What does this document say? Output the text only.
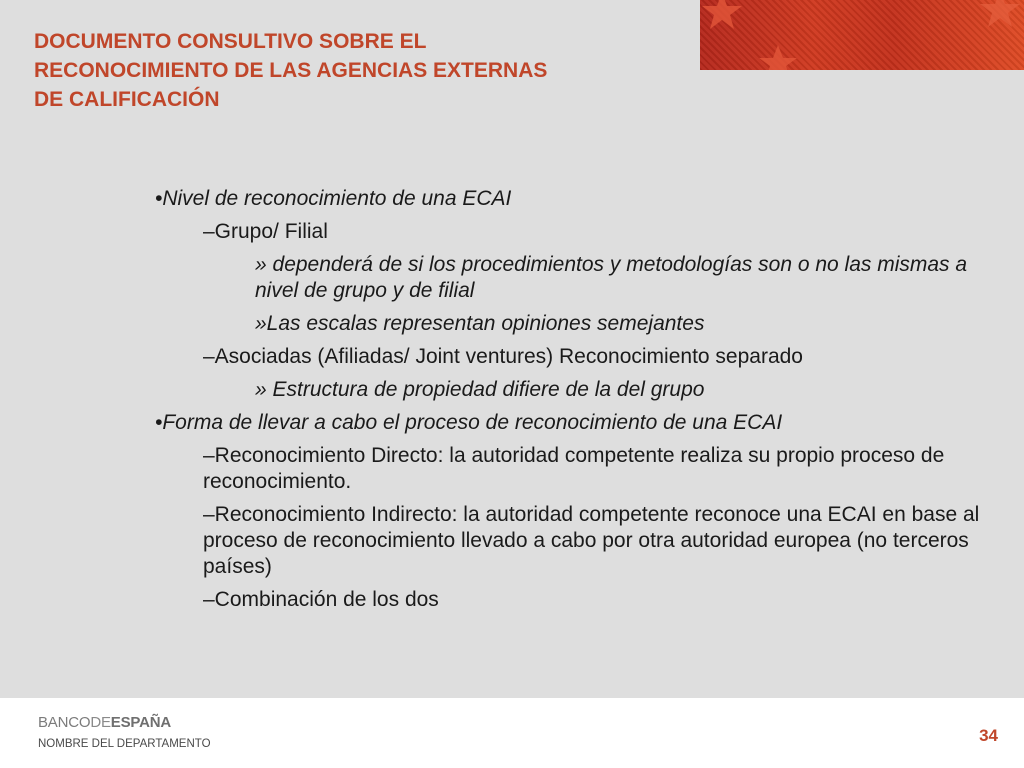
DOCUMENTO CONSULTIVO SOBRE EL
RECONOCIMIENTO DE LAS AGENCIAS EXTERNAS
DE CALIFICACIÓN
•Nivel de reconocimiento de una ECAI
–Grupo/ Filial
» dependerá de si los procedimientos y metodologías son o no las mismas a nivel de grupo y de filial
»Las escalas representan opiniones semejantes
–Asociadas (Afiliadas/ Joint ventures) Reconocimiento separado
» Estructura de propiedad difiere de la del grupo
•Forma de llevar a cabo el proceso de reconocimiento de una ECAI
–Reconocimiento Directo: la autoridad competente realiza su propio proceso de reconocimiento.
–Reconocimiento Indirecto: la autoridad competente reconoce una ECAI en base al proceso de reconocimiento llevado a cabo por otra autoridad europea (no terceros países)
–Combinación de los dos
BANCODEESPAÑA
NOMBRE DEL DEPARTAMENTO	34
